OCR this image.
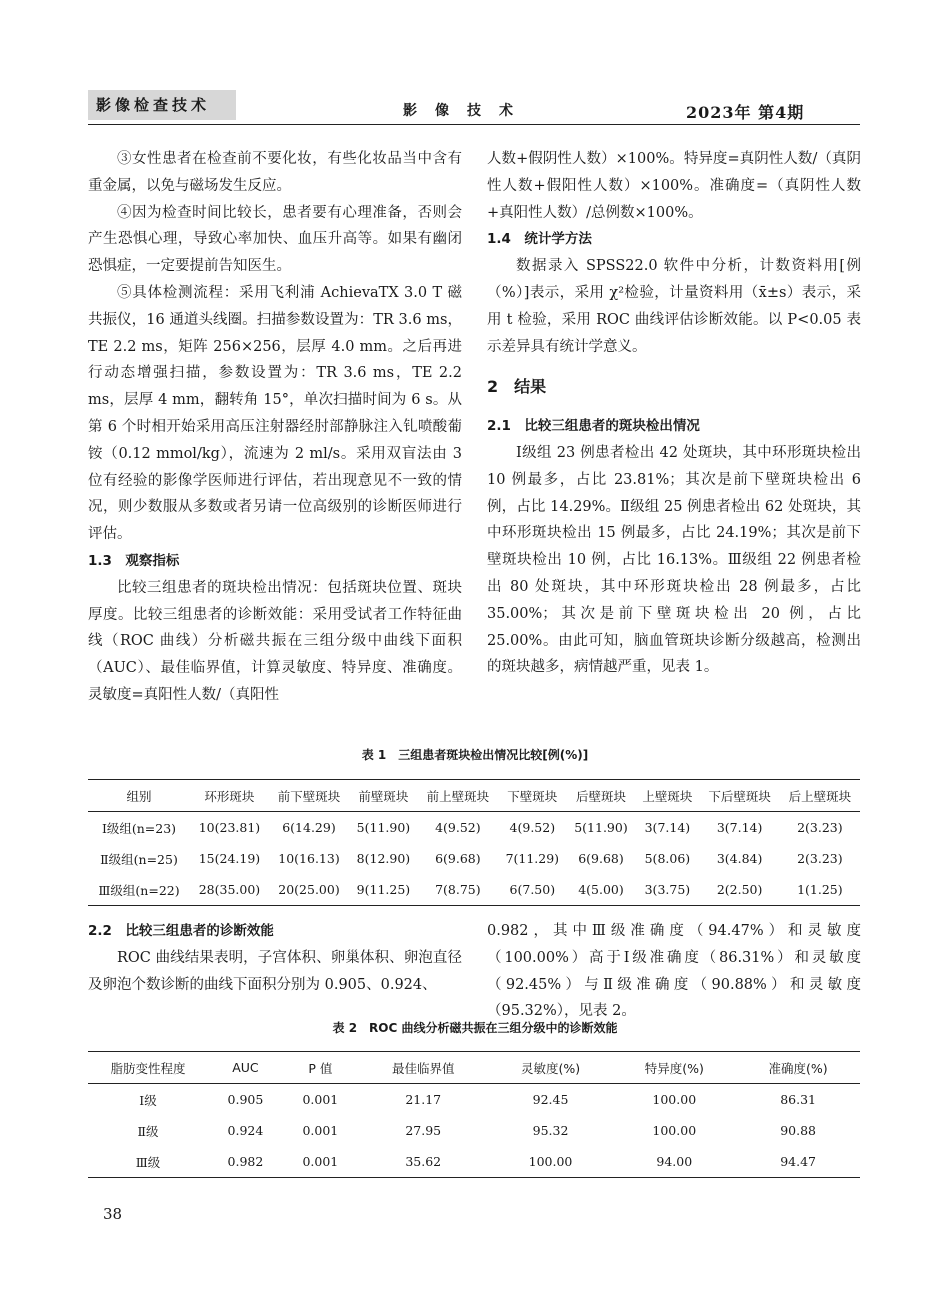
影像检查技术	影像技术	2023年 第4期

③女性患者在检查前不要化妆，有些化妆品当中含有重金属，以免与磁场发生反应。

④因为检查时间比较长，患者要有心理准备，否则会产生恐惧心理，导致心率加快、血压升高等。如果有幽闭恐惧症，一定要提前告知医生。

⑤具体检测流程：采用飞利浦 AchievaTX 3.0 T 磁共振仪，16 通道头线圈。扫描参数设置为：TR 3.6 ms，TE 2.2 ms，矩阵 256×256，层厚 4.0 mm。之后再进行动态增强扫描，参数设置为：TR 3.6 ms，TE 2.2 ms，层厚 4 mm，翻转角 15°，单次扫描时间为 6 s。从第 6 个时相开始采用高压注射器经肘部静脉注入钆喷酸葡铵（0.12 mmol/kg），流速为 2 ml/s。采用双盲法由 3 位有经验的影像学医师进行评估，若出现意见不一致的情况，则少数服从多数或者另请一位高级别的诊断医师进行评估。

1.3　观察指标

比较三组患者的斑块检出情况：包括斑块位置、斑块厚度。比较三组患者的诊断效能：采用受试者工作特征曲线（ROC 曲线）分析磁共振在三组分级中曲线下面积（AUC）、最佳临界值，计算灵敏度、特异度、准确度。灵敏度=真阳性人数/（真阳性

人数+假阴性人数）×100%。特异度=真阴性人数/（真阴性人数+假阳性人数）×100%。准确度=（真阴性人数+真阳性人数）/总例数×100%。

1.4　统计学方法

数据录入 SPSS22.0 软件中分析，计数资料用[例（%）]表示，采用 χ²检验，计量资料用（x̄±s）表示，采用 t 检验，采用 ROC 曲线评估诊断效能。以 P<0.05 表示差异具有统计学意义。

2　结果

2.1　比较三组患者的斑块检出情况

Ⅰ级组 23 例患者检出 42 处斑块，其中环形斑块检出 10 例最多，占比 23.81%；其次是前下壁斑块检出 6 例，占比 14.29%。Ⅱ级组 25 例患者检出 62 处斑块，其中环形斑块检出 15 例最多，占比 24.19%；其次是前下壁斑块检出 10 例，占比 16.13%。Ⅲ级组 22 例患者检出 80 处斑块，其中环形斑块检出 28 例最多，占比 35.00%；其次是前下壁斑块检出 20 例，占比 25.00%。由此可知，脑血管斑块诊断分级越高，检测出的斑块越多，病情越严重，见表 1。

表 1　三组患者斑块检出情况比较[例(%)]
组别	环形斑块	前下壁斑块	前壁斑块	前上壁斑块	下壁斑块	后壁斑块	上壁斑块	下后壁斑块	后上壁斑块
Ⅰ级组(n=23)	10(23.81)	6(14.29)	5(11.90)	4(9.52)	4(9.52)	5(11.90)	3(7.14)	3(7.14)	2(3.23)
Ⅱ级组(n=25)	15(24.19)	10(16.13)	8(12.90)	6(9.68)	7(11.29)	6(9.68)	5(8.06)	3(4.84)	2(3.23)
Ⅲ级组(n=22)	28(35.00)	20(25.00)	9(11.25)	7(8.75)	6(7.50)	4(5.00)	3(3.75)	2(2.50)	1(1.25)

2.2　比较三组患者的诊断效能

ROC 曲线结果表明，子宫体积、卵巢体积、卵泡直径及卵泡个数诊断的曲线下面积分别为 0.905、0.924、

0.982，其中Ⅲ级准确度（94.47%）和灵敏度（100.00%）高于Ⅰ级准确度（86.31%）和灵敏度（92.45%）与Ⅱ级准确度（90.88%）和灵敏度（95.32%），见表 2。

表 2　ROC 曲线分析磁共振在三组分级中的诊断效能
脂肪变性程度	AUC	P 值	最佳临界值	灵敏度(%)	特异度(%)	准确度(%)
Ⅰ级	0.905	0.001	21.17	92.45	100.00	86.31
Ⅱ级	0.924	0.001	27.95	95.32	100.00	90.88
Ⅲ级	0.982	0.001	35.62	100.00	94.00	94.47
38
